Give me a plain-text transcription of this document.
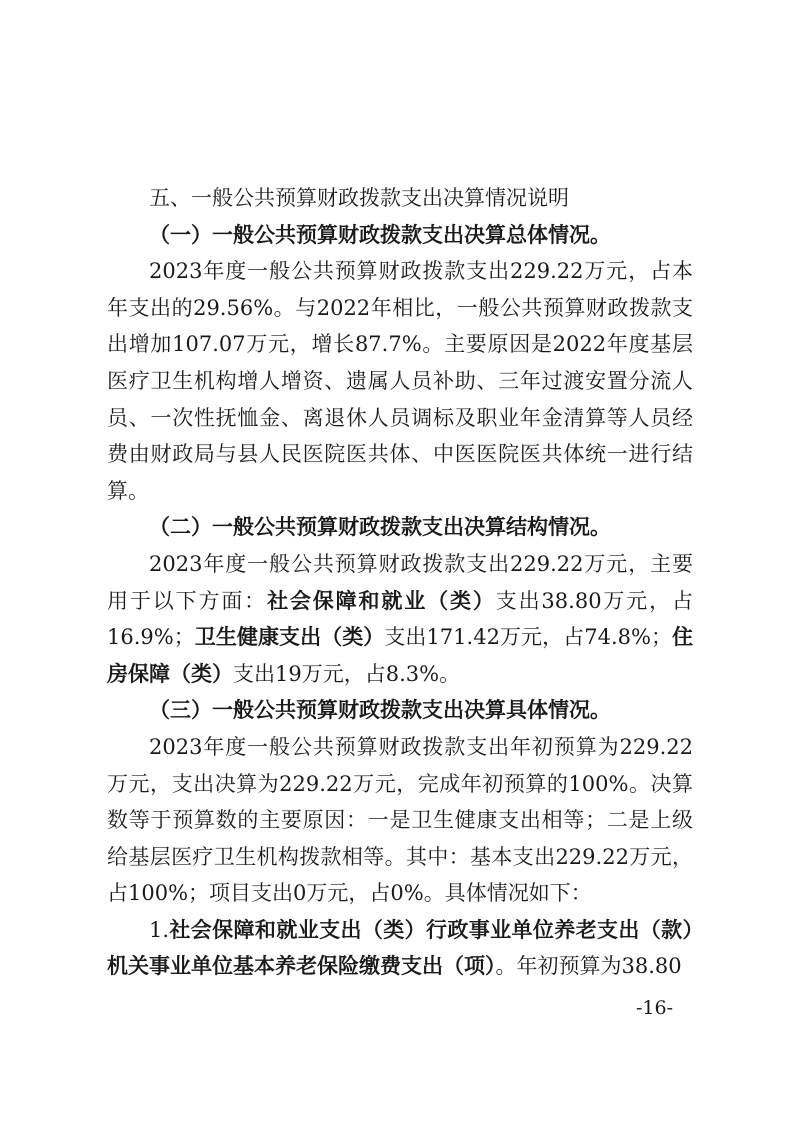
五、一般公共预算财政拨款支出决算情况说明

（一）一般公共预算财政拨款支出决算总体情况。

2023年度一般公共预算财政拨款支出229.22万元，占本年支出的29.56%。与2022年相比，一般公共预算财政拨款支出增加107.07万元，增长87.7%。主要原因是2022年度基层医疗卫生机构增人增资、遗属人员补助、三年过渡安置分流人员、一次性抚恤金、离退休人员调标及职业年金清算等人员经费由财政局与县人民医院医共体、中医医院医共体统一进行结算。

（二）一般公共预算财政拨款支出决算结构情况。

2023年度一般公共预算财政拨款支出229.22万元，主要用于以下方面：社会保障和就业（类）支出38.80万元，占16.9%；卫生健康支出（类）支出171.42万元，占74.8%；住房保障（类）支出19万元，占8.3%。

（三）一般公共预算财政拨款支出决算具体情况。

2023年度一般公共预算财政拨款支出年初预算为229.22万元，支出决算为229.22万元，完成年初预算的100%。决算数等于预算数的主要原因：一是卫生健康支出相等；二是上级给基层医疗卫生机构拨款相等。其中：基本支出229.22万元，占100%；项目支出0万元，占0%。具体情况如下：

1.社会保障和就业支出（类）行政事业单位养老支出（款）机关事业单位基本养老保险缴费支出（项）。年初预算为38.80

-16-
